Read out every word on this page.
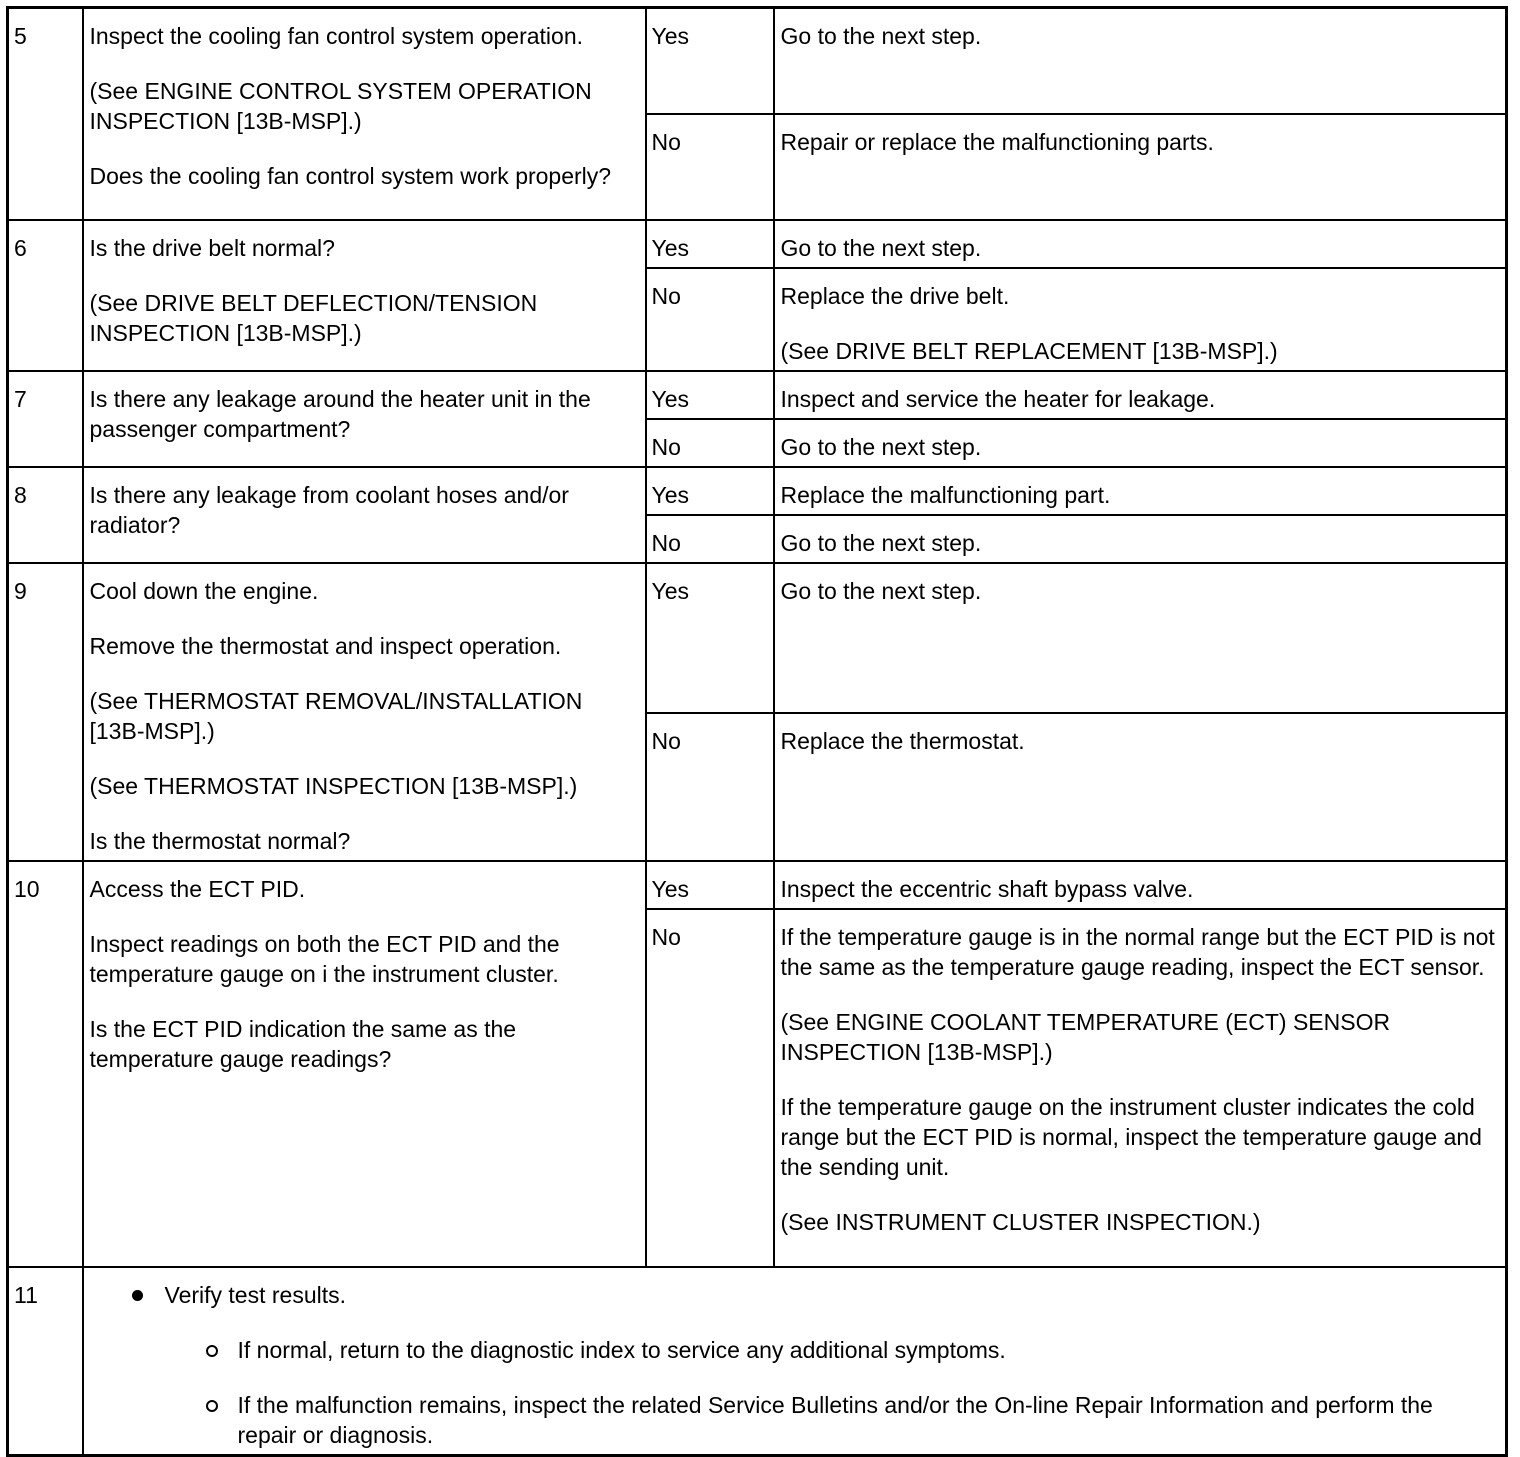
5	Inspect the cooling fan control system operation.
(See ENGINE CONTROL SYSTEM OPERATION INSPECTION [13B-MSP].)
Does the cooling fan control system work properly?	Yes	Go to the next step.

		No	Repair or replace the malfunctioning parts.

6	Is the drive belt normal?
(See DRIVE BELT DEFLECTION/TENSION INSPECTION [13B-MSP].)	Yes	Go to the next step.

		No	Replace the drive belt.
(See DRIVE BELT REPLACEMENT [13B-MSP].)

7	Is there any leakage around the heater unit in the passenger compartment?	Yes	Inspect and service the heater for leakage.

		No	Go to the next step.

8	Is there any leakage from coolant hoses and/or radiator?	Yes	Replace the malfunctioning part.

		No	Go to the next step.

9	Cool down the engine.
Remove the thermostat and inspect operation.
(See THERMOSTAT REMOVAL/INSTALLATION [13B-MSP].)
(See THERMOSTAT INSPECTION [13B-MSP].)
Is the thermostat normal?	Yes	Go to the next step.

		No	Replace the thermostat.

10	Access the ECT PID.
Inspect readings on both the ECT PID and the temperature gauge on i the instrument cluster.
Is the ECT PID indication the same as the temperature gauge readings?	Yes	Inspect the eccentric shaft bypass valve.

		No	If the temperature gauge is in the normal range but the ECT PID is not the same as the temperature gauge reading, inspect the ECT sensor.
(See ENGINE COOLANT TEMPERATURE (ECT) SENSOR INSPECTION [13B-MSP].)
If the temperature gauge on the instrument cluster indicates the cold range but the ECT PID is normal, inspect the temperature gauge and the sending unit.
(See INSTRUMENT CLUSTER INSPECTION.)

11	Verify test results.
If normal, return to the diagnostic index to service any additional symptoms.
If the malfunction remains, inspect the related Service Bulletins and/or the On-line Repair Information and perform the repair or diagnosis.		
